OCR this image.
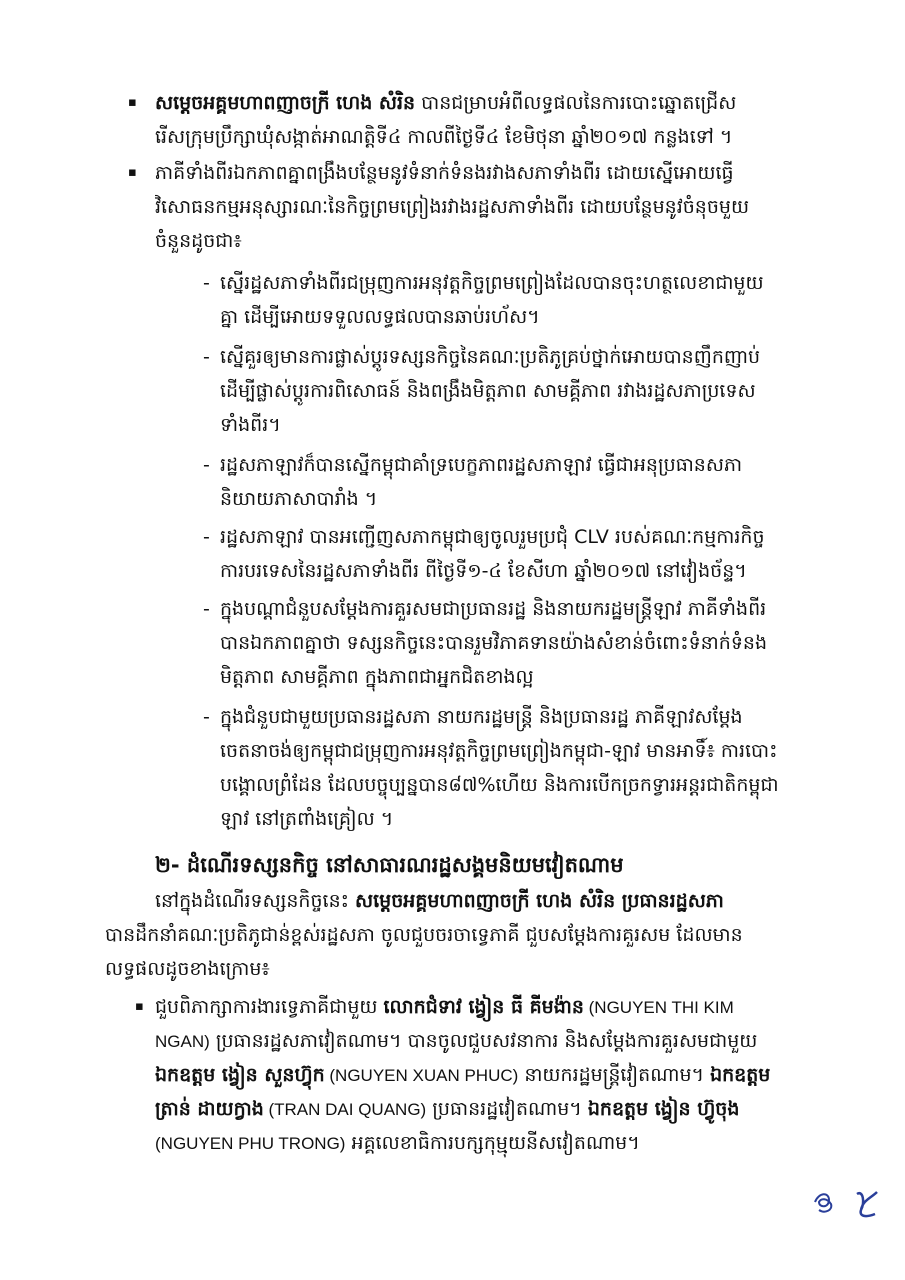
▪ សម្ដេចអគ្គមហាពញាចក្រី ហេង សំរិន បានជម្រាបអំពីលទ្ធផលនៃការបោះឆ្នោតជ្រើស
រើសក្រុមប្រឹក្សាឃុំសង្កាត់អាណត្តិទី៤ កាលពីថ្ងៃទី៤ ខែមិថុនា ឆ្នាំ២០១៧ កន្លងទៅ ។
▪ ភាគីទាំងពីរឯកភាពគ្នាពង្រឹងបន្ថែមនូវទំនាក់ទំនងរវាងសភាទាំងពីរ ដោយស្នើអោយធ្វើ
វិសោធនកម្មអនុស្សារណៈនៃកិច្ចព្រមព្រៀងរវាងរដ្ឋសភាទាំងពីរ ដោយបន្ថែមនូវចំនុចមួយ
ចំនួនដូចជា៖
- ស្នើរដ្ឋសភាទាំងពីរជម្រុញការអនុវត្តកិច្ចព្រមព្រៀងដែលបានចុះហត្ថលេខាជាមួយ
គ្នា ដើម្បីអោយទទួលលទ្ធផលបានឆាប់រហ័ស។
- ស្នើគួរឲ្យមានការផ្លាស់ប្តូរទស្សនកិច្ចនៃគណៈប្រតិភូគ្រប់ថ្នាក់អោយបានញឹកញាប់
ដើម្បីផ្លាស់ប្តូរការពិសោធន៍ និងពង្រឹងមិត្តភាព សាមគ្គីភាព រវាងរដ្ឋសភាប្រទេស
ទាំងពីរ។
- រដ្ឋសភាឡាវក៏បានស្នើកម្ពុជាគាំទ្របេក្ខភាពរដ្ឋសភាឡាវ ធ្វើជាអនុប្រធានសភា
និយាយភាសាបារាំង ។
- រដ្ឋសភាឡាវ បានអញ្ជើញសភាកម្ពុជាឲ្យចូលរួមប្រជុំ CLV របស់គណៈកម្មការកិច្ច
ការបរទេសនៃរដ្ឋសភាទាំងពីរ ពីថ្ងៃទី១-៤ ខែសីហា ឆ្នាំ២០១៧ នៅវៀងច័ន្ទ។
- ក្នុងបណ្ដាជំនួបសម្ដែងការគួរសមជាប្រធានរដ្ឋ និងនាយករដ្ឋមន្ត្រីឡាវ ភាគីទាំងពីរ
បានឯកភាពគ្នាថា ទស្សនកិច្ចនេះបានរួមវិភាគទានយ៉ាងសំខាន់ចំពោះទំនាក់ទំនង
មិត្តភាព សាមគ្គីភាព ក្នុងភាពជាអ្នកជិតខាងល្អ
- ក្នុងជំនួបជាមួយប្រធានរដ្ឋសភា នាយករដ្ឋមន្ត្រី និងប្រធានរដ្ឋ ភាគីឡាវសម្ដែង
ចេតនាចង់ឲ្យកម្ពុជាជម្រុញការអនុវត្តកិច្ចព្រមព្រៀងកម្ពុជា-ឡាវ មានអាទិ៍៖ ការបោះ
បង្គោលព្រំដែន ដែលបច្ចុប្បន្នបាន៨៧%ហើយ និងការបើកច្រកទ្វារអន្តរជាតិកម្ពុជា
ឡាវ នៅត្រពាំងគ្រៀល ។
២- ដំណើរទស្សនកិច្ច នៅសាធារណរដ្ឋសង្គមនិយមវៀតណាម
នៅក្នុងដំណើរទស្សនកិច្ចនេះ សម្ដេចអគ្គមហាពញាចក្រី ហេង សំរិន ប្រធានរដ្ឋសភា
បានដឹកនាំគណៈប្រតិភូជាន់ខ្ពស់រដ្ឋសភា ចូលជួបចរចាទ្វេភាគី ជួបសម្ដែងការគួរសម ដែលមាន
លទ្ធផលដូចខាងក្រោម៖
▪ ជួបពិភាក្សាការងារទ្វេភាគីជាមួយ លោកជំទាវ ង្វៀន ធី គីមង៉ាន (NGUYEN THI KIM
NGAN) ប្រធានរដ្ឋសភាវៀតណាម។ បានចូលជួបសវនាការ និងសម្ដែងការគួរសមជាមួយ
ឯកឧត្តម ង្វៀន សួនហ៊្វុក (NGUYEN XUAN PHUC) នាយករដ្ឋមន្ត្រីវៀតណាម។ ឯកឧត្តម
ត្រាន់ ដាយក្វាង (TRAN DAI QUANG) ប្រធានរដ្ឋវៀតណាម។ ឯកឧត្តម ង្វៀន ហ៊្វូចុង
(NGUYEN PHU TRONG) អគ្គលេខាធិការបក្សកុម្មុយនីសវៀតណាម។
